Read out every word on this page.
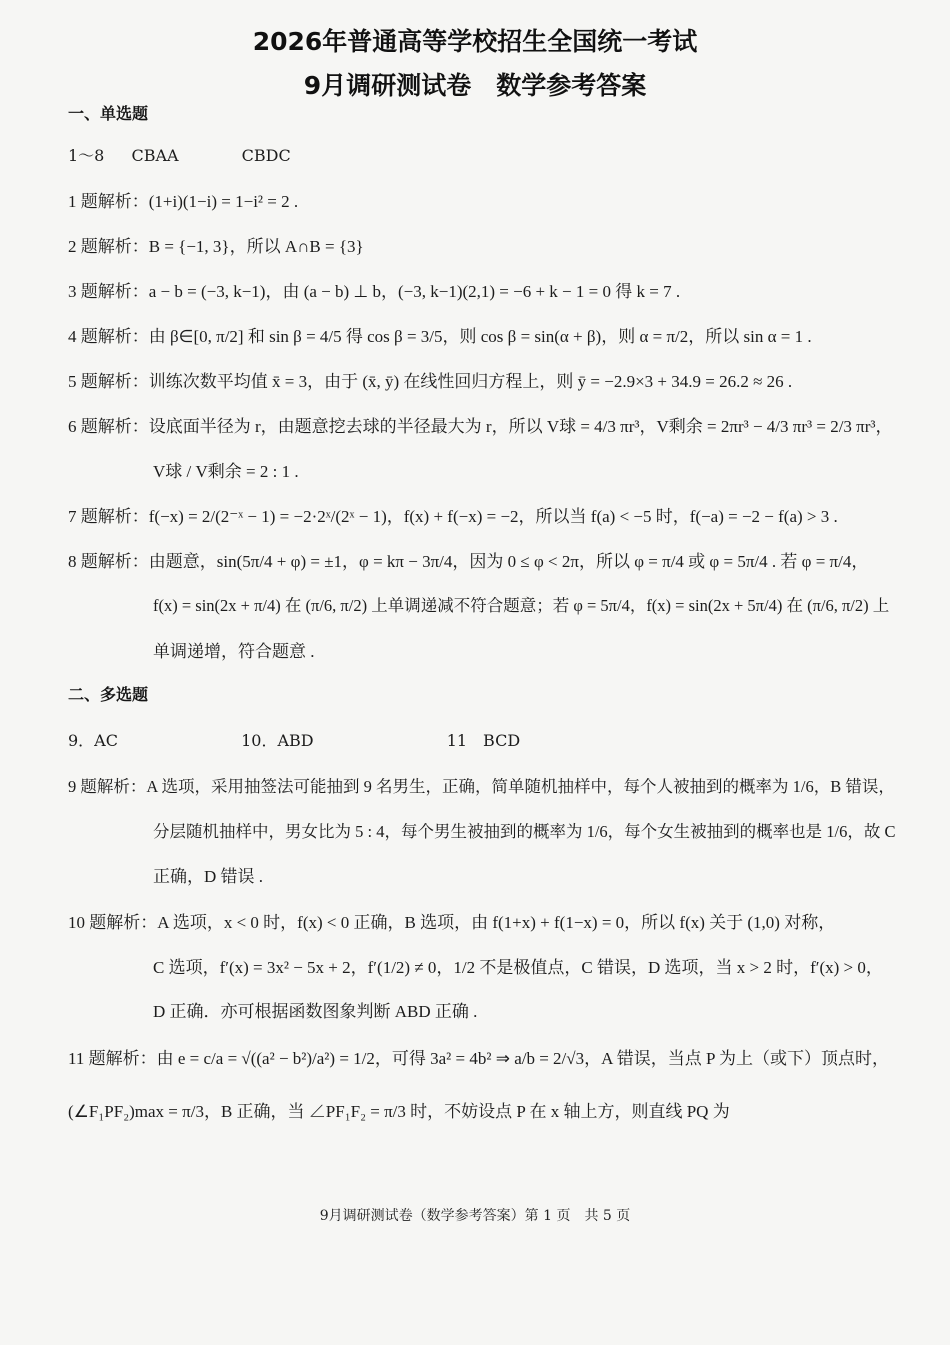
2026年普通高等学校招生全国统一考试
9月调研测试卷　数学参考答案
一、单选题
1～8 CBAA	CBDC
1 题解析：(1+i)(1−i) = 1−i² = 2 .
2 题解析：B = {−1, 3}，所以 A∩B = {3}
3 题解析：a − b = (−3, k−1)，由 (a − b) ⊥ b，(−3, k−1)(2,1) = −6 + k − 1 = 0 得 k = 7 .
4 题解析：由 β∈[0, π/2] 和 sin β = 4/5 得 cos β = 3/5，则 cos β = sin(α + β)，则 α = π/2，所以 sin α = 1 .
5 题解析：训练次数平均值 x̄ = 3，由于 (x̄, ȳ) 在线性回归方程上，则 ȳ = −2.9×3 + 34.9 = 26.2 ≈ 26 .
6 题解析：设底面半径为 r，由题意挖去球的半径最大为 r，所以 V球 = 4/3 πr³，V剩余 = 2πr³ − 4/3 πr³ = 2/3 πr³，
V球 / V剩余 = 2 : 1 .
7 题解析：f(−x) = 2/(2⁻ˣ − 1) = −2·2ˣ/(2ˣ − 1)，f(x) + f(−x) = −2，所以当 f(a) < −5 时，f(−a) = −2 − f(a) > 3 .
8 题解析：由题意，sin(5π/4 + φ) = ±1，φ = kπ − 3π/4，因为 0 ≤ φ < 2π，所以 φ = π/4 或 φ = 5π/4 . 若 φ = π/4，
f(x) = sin(2x + π/4) 在 (π/6, π/2) 上单调递减不符合题意；若 φ = 5π/4，f(x) = sin(2x + 5π/4) 在 (π/6, π/2) 上
单调递增，符合题意 .
二、多选题
9．AC	10．ABD	11　BCD
9 题解析：A 选项，采用抽签法可能抽到 9 名男生，正确，简单随机抽样中，每个人被抽到的概率为 1/6，B 错误，
分层随机抽样中，男女比为 5 : 4，每个男生被抽到的概率为 1/6，每个女生被抽到的概率也是 1/6，故 C
正确，D 错误 .
10 题解析：A 选项，x < 0 时，f(x) < 0 正确，B 选项，由 f(1+x) + f(1−x) = 0，所以 f(x) 关于 (1,0) 对称，
C 选项，f′(x) = 3x² − 5x + 2，f′(1/2) ≠ 0，1/2 不是极值点，C 错误，D 选项，当 x > 2 时，f′(x) > 0，
D 正确．亦可根据函数图象判断 ABD 正确 .
11 题解析：由 e = c/a = √((a² − b²)/a²) = 1/2，可得 3a² = 4b² ⇒ a/b = 2/√3，A 错误，当点 P 为上（或下）顶点时，
(∠F₁PF₂)max = π/3，B 正确，当 ∠PF₁F₂ = π/3 时，不妨设点 P 在 x 轴上方，则直线 PQ 为
9月调研测试卷（数学参考答案）第 1 页　共 5 页
